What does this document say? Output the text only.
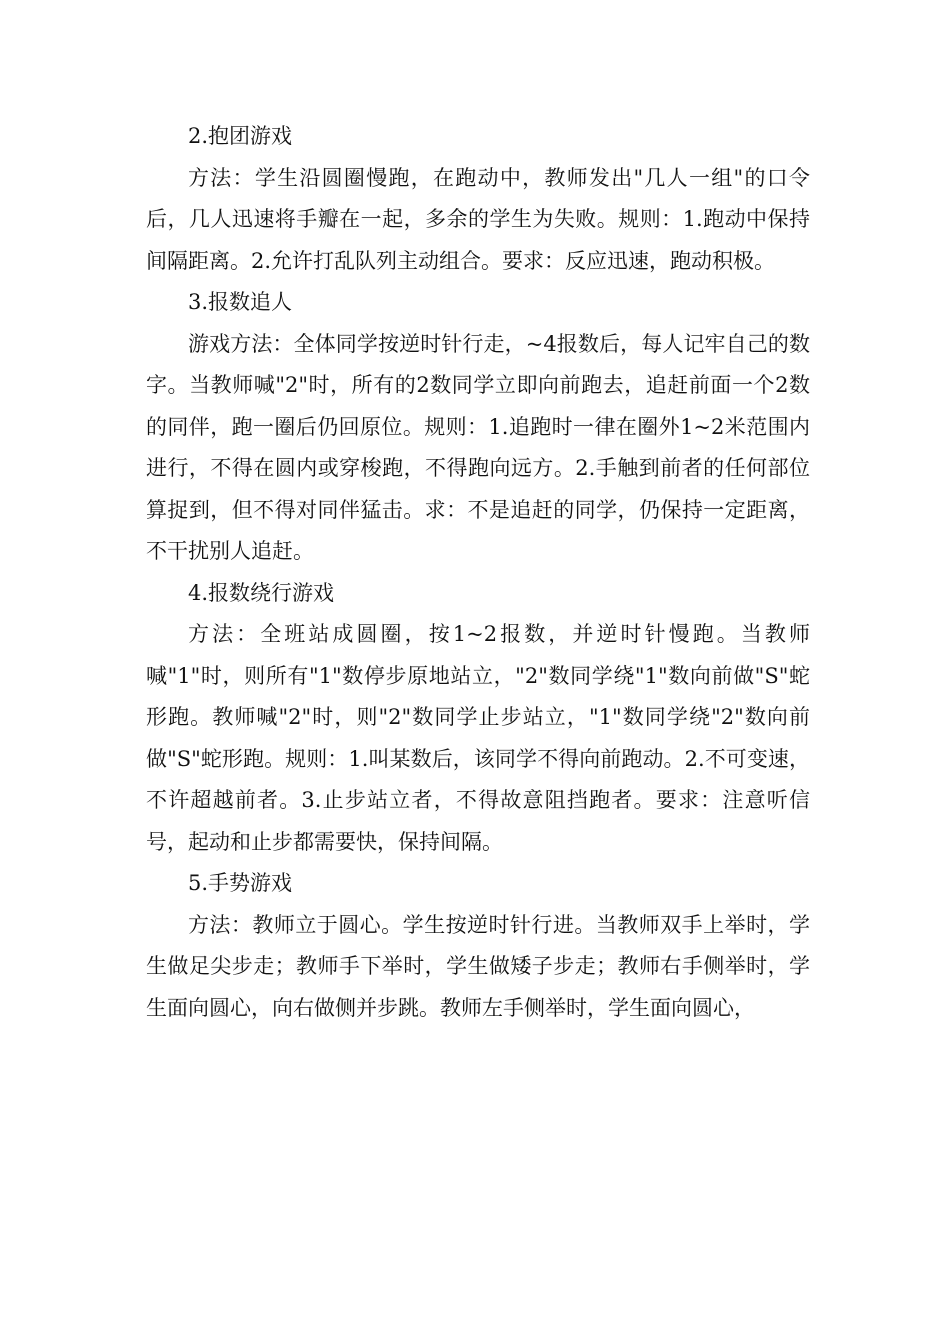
2.抱团游戏

方法：学生沿圆圈慢跑，在跑动中，教师发出"几人一组"的口令后，几人迅速将手瓣在一起，多余的学生为失败。规则：1.跑动中保持间隔距离。2.允许打乱队列主动组合。要求：反应迅速，跑动积极。

3.报数追人

游戏方法：全体同学按逆时针行走，~4报数后，每人记牢自己的数字。当教师喊"2"时，所有的2数同学立即向前跑去，追赶前面一个2数的同伴，跑一圈后仍回原位。规则：1.追跑时一律在圈外1~2米范围内进行，不得在圆内或穿梭跑，不得跑向远方。2.手触到前者的任何部位算捉到，但不得对同伴猛击。求：不是追赶的同学，仍保持一定距离，不干扰别人追赶。

4.报数绕行游戏

方法：全班站成圆圈，按1~2报数，并逆时针慢跑。当教师喊"1"时，则所有"1"数停步原地站立，"2"数同学绕"1"数向前做"S"蛇形跑。教师喊"2"时，则"2"数同学止步站立，"1"数同学绕"2"数向前做"S"蛇形跑。规则：1.叫某数后，该同学不得向前跑动。2.不可变速，不许超越前者。3.止步站立者，不得故意阻挡跑者。要求：注意听信号，起动和止步都需要快，保持间隔。

5.手势游戏

方法：教师立于圆心。学生按逆时针行进。当教师双手上举时，学生做足尖步走；教师手下举时，学生做矮子步走；教师右手侧举时，学生面向圆心，向右做侧并步跳。教师左手侧举时，学生面向圆心，
